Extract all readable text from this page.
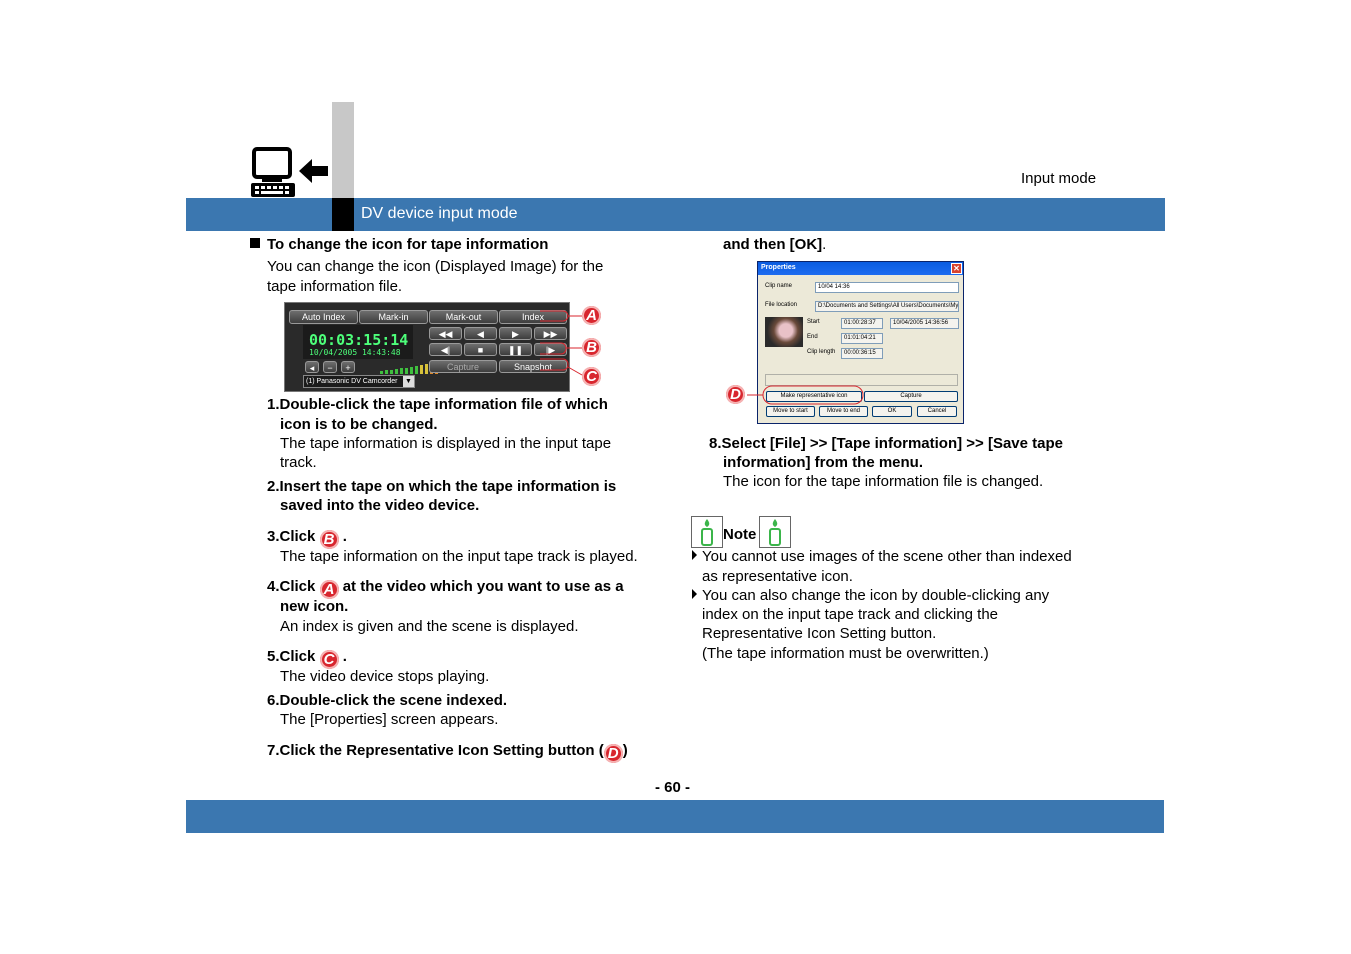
Input mode
DV device input mode
To change the icon for tape information
You can change the icon (Displayed Image) for the
tape information file.
Auto Index	Mark-in	Mark-out	Index
00:03:15:14
10/04/2005 14:43:48
◂	−	+
(1) Panasonic DV Camcorder ▼
◀◀	◀	▶	▶▶
◀|	■	❚❚	|▶
Capture	Snapshot
A
B
C
1.Double-click the tape information file of which
icon is to be changed.
The tape information is displayed in the input tape
track.
2.Insert the tape on which the tape information is
saved into the video device.
3.Click B .
The tape information on the input tape track is played.
4.Click A at the video which you want to use as a
new icon.
An index is given and the scene is displayed.
5.Click C .
The video device stops playing.
6.Double-click the scene indexed.
The [Properties] screen appears.
7.Click the Representative Icon Setting button ( D )
and then [OK].
Properties	✕
Clip name	10/04 14:36
File location	D:\Documents and Settings\All Users\Documents\My
Start	01:00:28:37	10/04/2005 14:36:56
End	01:01:04:21
Clip length	00:00:36:15
Make representative icon	Capture
Move to start	Move to end	OK	Cancel
D
8.Select [File] >> [Tape information] >> [Save tape
information] from the menu.
The icon for the tape information file is changed.
Note
You cannot use images of the scene other than indexed
as representative icon.
You can also change the icon by double-clicking any
index on the input tape track and clicking the
Representative Icon Setting button.
(The tape information must be overwritten.)
- 60 -
